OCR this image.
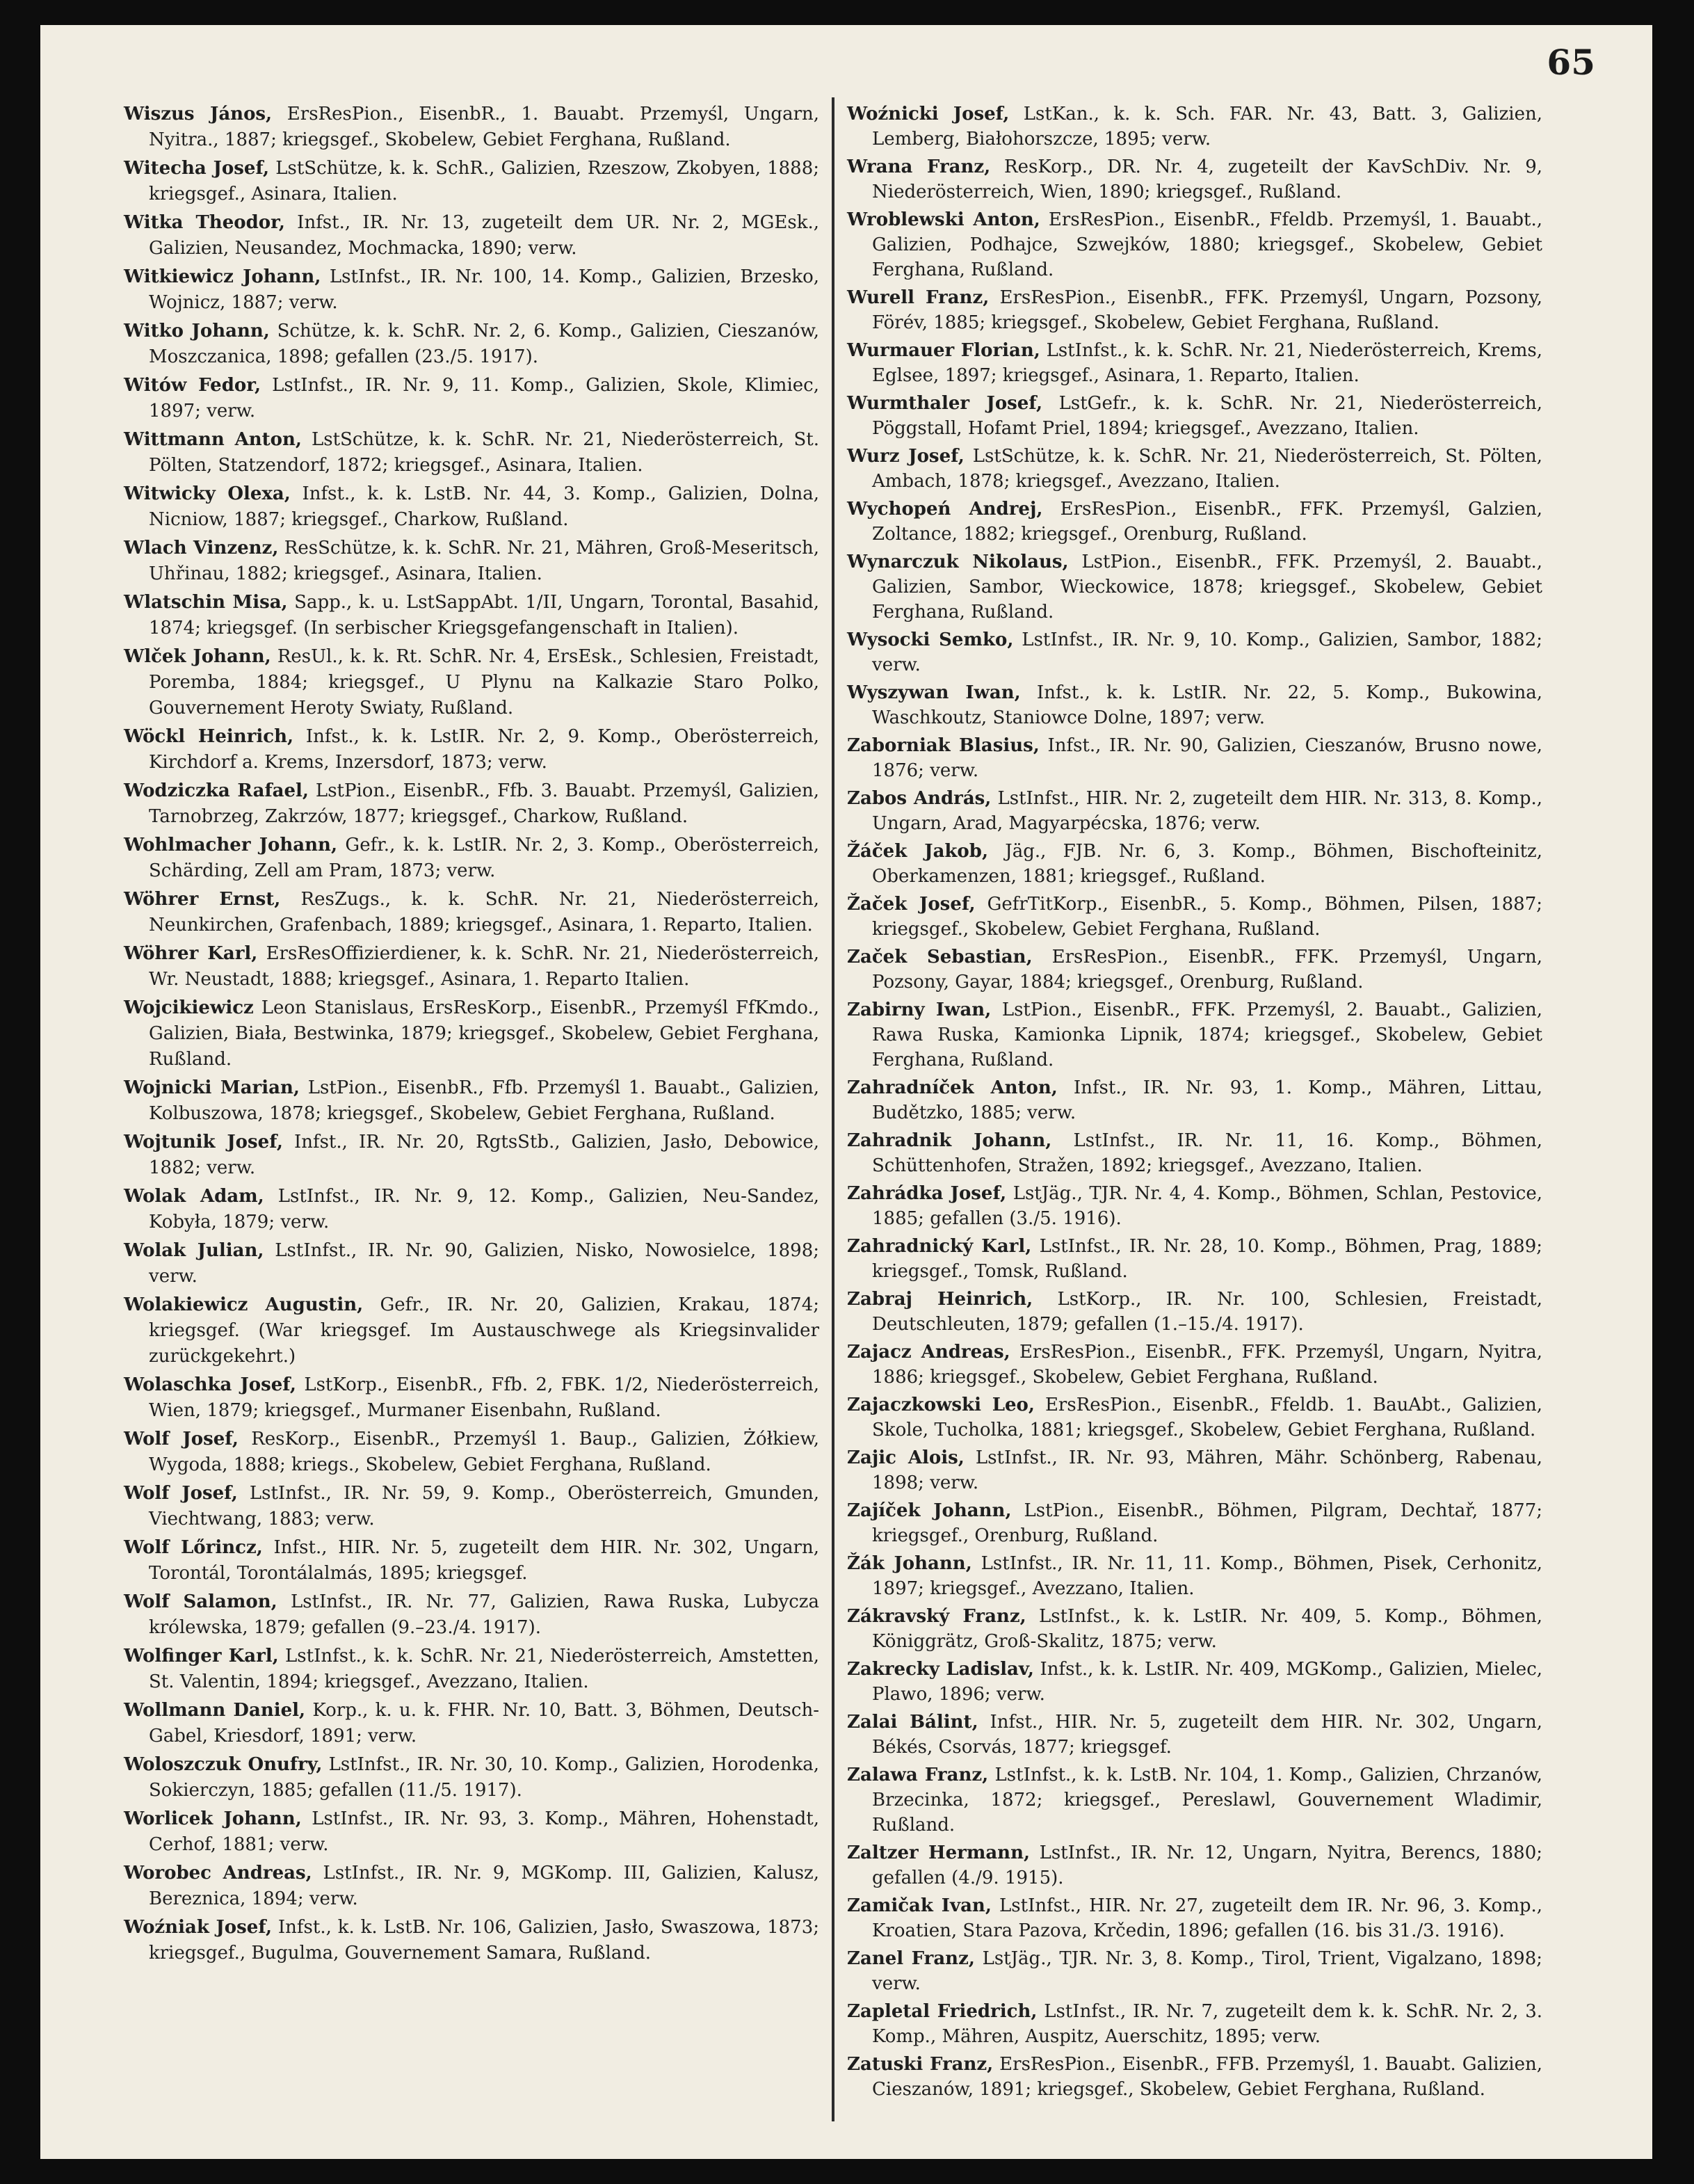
65

Wiszus János, ErsResPion., EisenbR., 1. Bauabt. Przemyśl, Ungarn, Nyitra., 1887; kriegsgef., Skobelew, Gebiet Ferghana, Rußland.

Witecha Josef, LstSchütze, k. k. SchR., Galizien, Rzeszow, Zkobyen, 1888; kriegsgef., Asinara, Italien.

Witka Theodor, Infst., IR. Nr. 13, zugeteilt dem UR. Nr. 2, MGEsk., Galizien, Neusandez, Mochmacka, 1890; verw.

Witkiewicz Johann, LstInfst., IR. Nr. 100, 14. Komp., Galizien, Brzesko, Wojnicz, 1887; verw.

Witko Johann, Schütze, k. k. SchR. Nr. 2, 6. Komp., Galizien, Cieszanów, Moszczanica, 1898; gefallen (23./5. 1917).

Witów Fedor, LstInfst., IR. Nr. 9, 11. Komp., Galizien, Skole, Klimiec, 1897; verw.

Wittmann Anton, LstSchütze, k. k. SchR. Nr. 21, Niederösterreich, St. Pölten, Statzendorf, 1872; kriegsgef., Asinara, Italien.

Witwicky Olexa, Infst., k. k. LstB. Nr. 44, 3. Komp., Galizien, Dolna, Nicniow, 1887; kriegsgef., Charkow, Rußland.

Wlach Vinzenz, ResSchütze, k. k. SchR. Nr. 21, Mähren, Groß-Meseritsch, Uhřinau, 1882; kriegsgef., Asinara, Italien.

Wlatschin Misa, Sapp., k. u. LstSappAbt. 1/II, Ungarn, Torontal, Basahid, 1874; kriegsgef. (In serbischer Kriegsgefangenschaft in Italien).

Wlček Johann, ResUl., k. k. Rt. SchR. Nr. 4, ErsEsk., Schlesien, Freistadt, Poremba, 1884; kriegsgef., U Plynu na Kalkazie Staro Polko, Gouvernement Heroty Swiaty, Rußland.

Wöckl Heinrich, Infst., k. k. LstIR. Nr. 2, 9. Komp., Oberösterreich, Kirchdorf a. Krems, Inzersdorf, 1873; verw.

Wodziczka Rafael, LstPion., EisenbR., Ffb. 3. Bauabt. Przemyśl, Galizien, Tarnobrzeg, Zakrzów, 1877; kriegsgef., Charkow, Rußland.

Wohlmacher Johann, Gefr., k. k. LstIR. Nr. 2, 3. Komp., Oberösterreich, Schärding, Zell am Pram, 1873; verw.

Wöhrer Ernst, ResZugs., k. k. SchR. Nr. 21, Niederösterreich, Neunkirchen, Grafenbach, 1889; kriegsgef., Asinara, 1. Reparto, Italien.

Wöhrer Karl, ErsResOffizierdiener, k. k. SchR. Nr. 21, Niederösterreich, Wr. Neustadt, 1888; kriegsgef., Asinara, 1. Reparto Italien.

Wojcikiewicz Leon Stanislaus, ErsResKorp., EisenbR., Przemyśl FfKmdo., Galizien, Biała, Bestwinka, 1879; kriegsgef., Skobelew, Gebiet Ferghana, Rußland.

Wojnicki Marian, LstPion., EisenbR., Ffb. Przemyśl 1. Bauabt., Galizien, Kolbuszowa, 1878; kriegsgef., Skobelew, Gebiet Ferghana, Rußland.

Wojtunik Josef, Infst., IR. Nr. 20, RgtsStb., Galizien, Jasło, Debowice, 1882; verw.

Wolak Adam, LstInfst., IR. Nr. 9, 12. Komp., Galizien, Neu-Sandez, Kobyła, 1879; verw.

Wolak Julian, LstInfst., IR. Nr. 90, Galizien, Nisko, Nowosielce, 1898; verw.

Wolakiewicz Augustin, Gefr., IR. Nr. 20, Galizien, Krakau, 1874; kriegsgef. (War kriegsgef. Im Austauschwege als Kriegsinvalider zurückgekehrt.)

Wolaschka Josef, LstKorp., EisenbR., Ffb. 2, FBK. 1/2, Niederösterreich, Wien, 1879; kriegsgef., Murmaner Eisenbahn, Rußland.

Wolf Josef, ResKorp., EisenbR., Przemyśl 1. Baup., Galizien, Żółkiew, Wygoda, 1888; kriegs., Skobelew, Gebiet Ferghana, Rußland.

Wolf Josef, LstInfst., IR. Nr. 59, 9. Komp., Oberösterreich, Gmunden, Viechtwang, 1883; verw.

Wolf Lőrincz, Infst., HIR. Nr. 5, zugeteilt dem HIR. Nr. 302, Ungarn, Torontál, Torontálalmás, 1895; kriegsgef.

Wolf Salamon, LstInfst., IR. Nr. 77, Galizien, Rawa Ruska, Lubycza królewska, 1879; gefallen (9.–23./4. 1917).

Wolfinger Karl, LstInfst., k. k. SchR. Nr. 21, Niederösterreich, Amstetten, St. Valentin, 1894; kriegsgef., Avezzano, Italien.

Wollmann Daniel, Korp., k. u. k. FHR. Nr. 10, Batt. 3, Böhmen, Deutsch-Gabel, Kriesdorf, 1891; verw.

Woloszczuk Onufry, LstInfst., IR. Nr. 30, 10. Komp., Galizien, Horodenka, Sokierczyn, 1885; gefallen (11./5. 1917).

Worlicek Johann, LstInfst., IR. Nr. 93, 3. Komp., Mähren, Hohenstadt, Cerhof, 1881; verw.

Worobec Andreas, LstInfst., IR. Nr. 9, MGKomp. III, Galizien, Kalusz, Bereznica, 1894; verw.

Woźniak Josef, Infst., k. k. LstB. Nr. 106, Galizien, Jasło, Swaszowa, 1873; kriegsgef., Bugulma, Gouvernement Samara, Rußland.

Woźnicki Josef, LstKan., k. k. Sch. FAR. Nr. 43, Batt. 3, Galizien, Lemberg, Białohorszcze, 1895; verw.

Wrana Franz, ResKorp., DR. Nr. 4, zugeteilt der KavSchDiv. Nr. 9, Niederösterreich, Wien, 1890; kriegsgef., Rußland.

Wroblewski Anton, ErsResPion., EisenbR., Ffeldb. Przemyśl, 1. Bauabt., Galizien, Podhajce, Szwejków, 1880; kriegsgef., Skobelew, Gebiet Ferghana, Rußland.

Wurell Franz, ErsResPion., EisenbR., FFK. Przemyśl, Ungarn, Pozsony, Förév, 1885; kriegsgef., Skobelew, Gebiet Ferghana, Rußland.

Wurmauer Florian, LstInfst., k. k. SchR. Nr. 21, Niederösterreich, Krems, Eglsee, 1897; kriegsgef., Asinara, 1. Reparto, Italien.

Wurmthaler Josef, LstGefr., k. k. SchR. Nr. 21, Niederösterreich, Pöggstall, Hofamt Priel, 1894; kriegsgef., Avezzano, Italien.

Wurz Josef, LstSchütze, k. k. SchR. Nr. 21, Niederösterreich, St. Pölten, Ambach, 1878; kriegsgef., Avezzano, Italien.

Wychopeń Andrej, ErsResPion., EisenbR., FFK. Przemyśl, Galzien, Zoltance, 1882; kriegsgef., Orenburg, Rußland.

Wynarczuk Nikolaus, LstPion., EisenbR., FFK. Przemyśl, 2. Bauabt., Galizien, Sambor, Wieckowice, 1878; kriegsgef., Skobelew, Gebiet Ferghana, Rußland.

Wysocki Semko, LstInfst., IR. Nr. 9, 10. Komp., Galizien, Sambor, 1882; verw.

Wyszywan Iwan, Infst., k. k. LstIR. Nr. 22, 5. Komp., Bukowina, Waschkoutz, Staniowce Dolne, 1897; verw.

Zaborniak Blasius, Infst., IR. Nr. 90, Galizien, Cieszanów, Brusno nowe, 1876; verw.

Zabos András, LstInfst., HIR. Nr. 2, zugeteilt dem HIR. Nr. 313, 8. Komp., Ungarn, Arad, Magyarpécska, 1876; verw.

Žáček Jakob, Jäg., FJB. Nr. 6, 3. Komp., Böhmen, Bischofteinitz, Oberkamenzen, 1881; kriegsgef., Rußland.

Žaček Josef, GefrTitKorp., EisenbR., 5. Komp., Böhmen, Pilsen, 1887; kriegsgef., Skobelew, Gebiet Ferghana, Rußland.

Začek Sebastian, ErsResPion., EisenbR., FFK. Przemyśl, Ungarn, Pozsony, Gayar, 1884; kriegsgef., Orenburg, Rußland.

Zabirny Iwan, LstPion., EisenbR., FFK. Przemyśl, 2. Bauabt., Galizien, Rawa Ruska, Kamionka Lipnik, 1874; kriegsgef., Skobelew, Gebiet Ferghana, Rußland.

Zahradníček Anton, Infst., IR. Nr. 93, 1. Komp., Mähren, Littau, Budětzko, 1885; verw.

Zahradnik Johann, LstInfst., IR. Nr. 11, 16. Komp., Böhmen, Schüttenhofen, Stražen, 1892; kriegsgef., Avezzano, Italien.

Zahrádka Josef, LstJäg., TJR. Nr. 4, 4. Komp., Böhmen, Schlan, Pestovice, 1885; gefallen (3./5. 1916).

Zahradnický Karl, LstInfst., IR. Nr. 28, 10. Komp., Böhmen, Prag, 1889; kriegsgef., Tomsk, Rußland.

Zabraj Heinrich, LstKorp., IR. Nr. 100, Schlesien, Freistadt, Deutschleuten, 1879; gefallen (1.–15./4. 1917).

Zajacz Andreas, ErsResPion., EisenbR., FFK. Przemyśl, Ungarn, Nyitra, 1886; kriegsgef., Skobelew, Gebiet Ferghana, Rußland.

Zajaczkowski Leo, ErsResPion., EisenbR., Ffeldb. 1. BauAbt., Galizien, Skole, Tucholka, 1881; kriegsgef., Skobelew, Gebiet Ferghana, Rußland.

Zajic Alois, LstInfst., IR. Nr. 93, Mähren, Mähr. Schönberg, Rabenau, 1898; verw.

Zajíček Johann, LstPion., EisenbR., Böhmen, Pilgram, Dechtař, 1877; kriegsgef., Orenburg, Rußland.

Žák Johann, LstInfst., IR. Nr. 11, 11. Komp., Böhmen, Pisek, Cerhonitz, 1897; kriegsgef., Avezzano, Italien.

Zákravský Franz, LstInfst., k. k. LstIR. Nr. 409, 5. Komp., Böhmen, Königgrätz, Groß-Skalitz, 1875; verw.

Zakrecky Ladislav, Infst., k. k. LstIR. Nr. 409, MGKomp., Galizien, Mielec, Plawo, 1896; verw.

Zalai Bálint, Infst., HIR. Nr. 5, zugeteilt dem HIR. Nr. 302, Ungarn, Békés, Csorvás, 1877; kriegsgef.

Zalawa Franz, LstInfst., k. k. LstB. Nr. 104, 1. Komp., Galizien, Chrzanów, Brzecinka, 1872; kriegsgef., Pereslawl, Gouvernement Wladimir, Rußland.

Zaltzer Hermann, LstInfst., IR. Nr. 12, Ungarn, Nyitra, Berencs, 1880; gefallen (4./9. 1915).

Zamičak Ivan, LstInfst., HIR. Nr. 27, zugeteilt dem IR. Nr. 96, 3. Komp., Kroatien, Stara Pazova, Krčedin, 1896; gefallen (16. bis 31./3. 1916).

Zanel Franz, LstJäg., TJR. Nr. 3, 8. Komp., Tirol, Trient, Vigalzano, 1898; verw.

Zapletal Friedrich, LstInfst., IR. Nr. 7, zugeteilt dem k. k. SchR. Nr. 2, 3. Komp., Mähren, Auspitz, Auerschitz, 1895; verw.

Zatuski Franz, ErsResPion., EisenbR., FFB. Przemyśl, 1. Bauabt. Galizien, Cieszanów, 1891; kriegsgef., Skobelew, Gebiet Ferghana, Rußland.
